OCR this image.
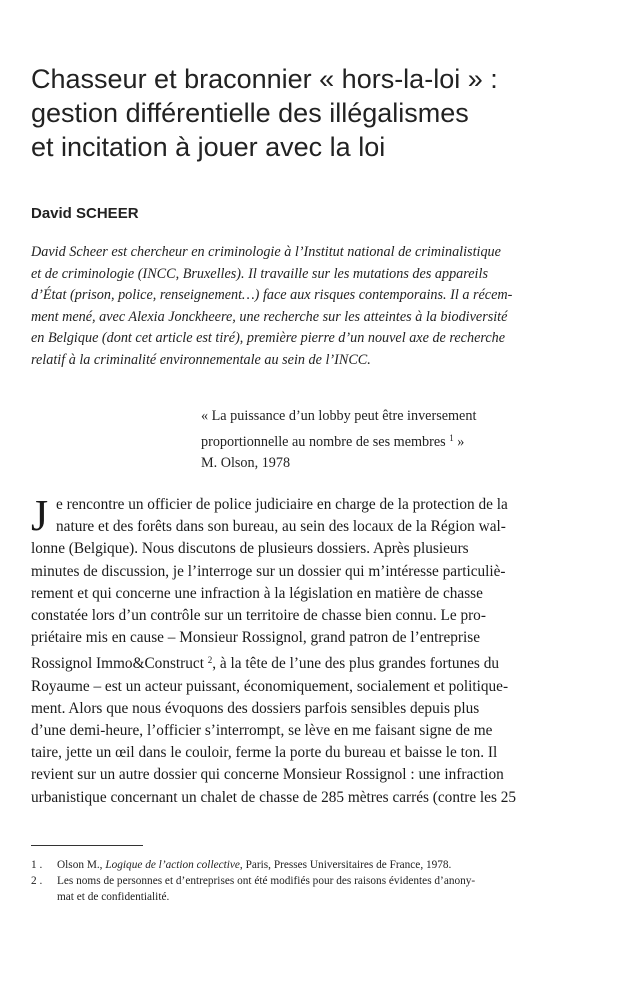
Chasseur et braconnier « hors-la-loi » :
gestion différentielle des illégalismes
et incitation à jouer avec la loi
David SCHEER
David Scheer est chercheur en criminologie à l’Institut national de criminalistique
et de criminologie (INCC, Bruxelles). Il travaille sur les mutations des appareils
d’État (prison, police, renseignement…) face aux risques contemporains. Il a récem-
ment mené, avec Alexia Jonckheere, une recherche sur les atteintes à la biodiversité
en Belgique (dont cet article est tiré), première pierre d’un nouvel axe de recherche
relatif à la criminalité environnementale au sein de l’INCC.
« La puissance d’un lobby peut être inversement
proportionnelle au nombre de ses membres $^1$ »
M. Olson, 1978
J e rencontre un officier de police judiciaire en charge de la protection de la
nature et des forêts dans son bureau, au sein des locaux de la Région wal-
lonne (Belgique). Nous discutons de plusieurs dossiers. Après plusieurs
minutes de discussion, je l’interroge sur un dossier qui m’intéresse particuliè-
rement et qui concerne une infraction à la législation en matière de chasse
constatée lors d’un contrôle sur un territoire de chasse bien connu. Le pro-
priétaire mis en cause – Monsieur Rossignol, grand patron de l’entreprise
Rossignol Immo&Construct $^2$, à la tête de l’une des plus grandes fortunes du
Royaume – est un acteur puissant, économiquement, socialement et politique-
ment. Alors que nous évoquons des dossiers parfois sensibles depuis plus
d’une demi-heure, l’officier s’interrompt, se lève en me faisant signe de me
taire, jette un œil dans le couloir, ferme la porte du bureau et baisse le ton. Il
revient sur un autre dossier qui concerne Monsieur Rossignol : une infraction
urbanistique concernant un chalet de chasse de 285 mètres carrés (contre les 25
1 . Olson M., Logique de l’action collective, Paris, Presses Universitaires de France, 1978.
2 . Les noms de personnes et d’entreprises ont été modifiés pour des raisons évidentes d’anony-
mat et de confidentialité.
